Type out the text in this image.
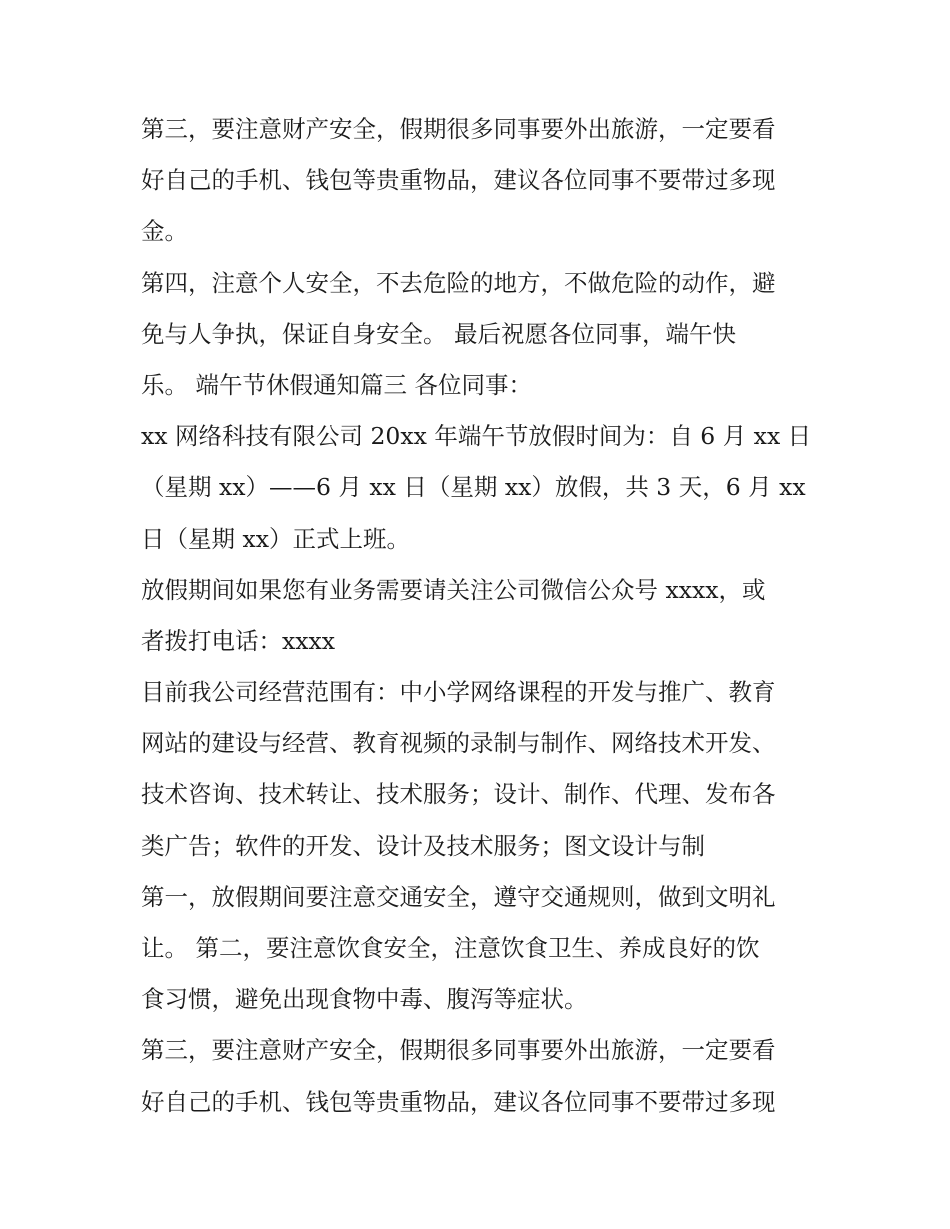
第三，要注意财产安全，假期很多同事要外出旅游，一定要看
好自己的手机、钱包等贵重物品，建议各位同事不要带过多现
金。
第四，注意个人安全，不去危险的地方，不做危险的动作，避
免与人争执，保证自身安全。 最后祝愿各位同事，端午快
乐。 端午节休假通知篇三 各位同事：
xx 网络科技有限公司 20xx 年端午节放假时间为：自 6 月 xx 日
（星期 xx）——6 月 xx 日（星期 xx）放假，共 3 天，6 月 xx
日（星期 xx）正式上班。
放假期间如果您有业务需要请关注公司微信公众号 xxxx，或
者拨打电话：xxxx
目前我公司经营范围有：中小学网络课程的开发与推广、教育
网站的建设与经营、教育视频的录制与制作、网络技术开发、
技术咨询、技术转让、技术服务；设计、制作、代理、发布各
类广告；软件的开发、设计及技术服务；图文设计与制
第一，放假期间要注意交通安全，遵守交通规则，做到文明礼
让。 第二，要注意饮食安全，注意饮食卫生、养成良好的饮
食习惯，避免出现食物中毒、腹泻等症状。
第三，要注意财产安全，假期很多同事要外出旅游，一定要看
好自己的手机、钱包等贵重物品，建议各位同事不要带过多现
